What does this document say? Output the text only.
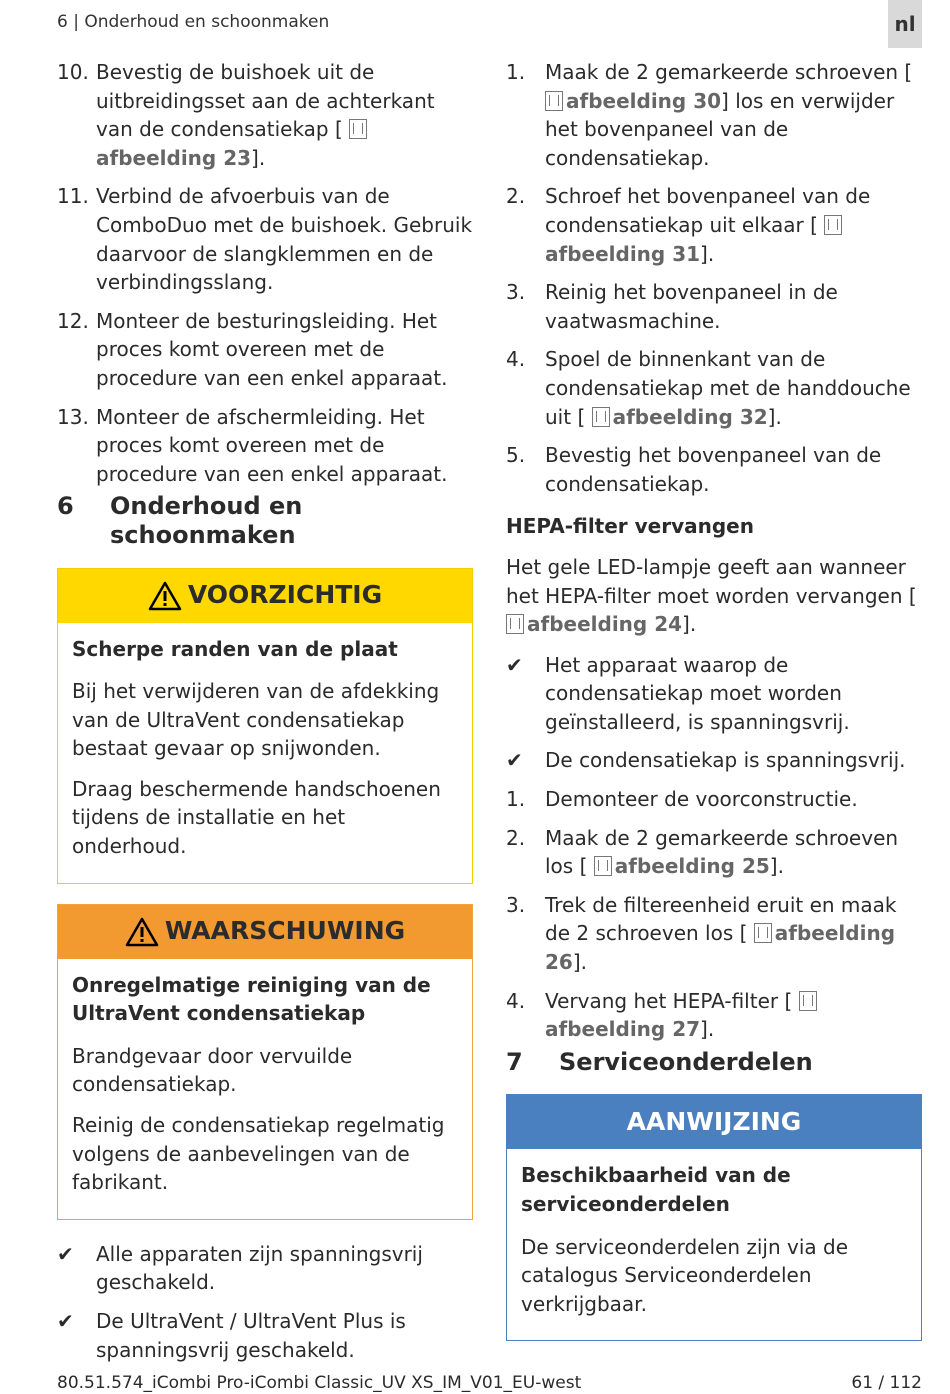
6 | Onderhoud en schoonmaken	nl
10. Bevestig de buishoek uit de uitbreidingsset aan de achterkant van de condensatiekap [ afbeelding 23].
11. Verbind de afvoerbuis van de ComboDuo met de buishoek. Gebruik daarvoor de slangklemmen en de verbindingsslang.
12. Monteer de besturingsleiding. Het proces komt overeen met de procedure van een enkel apparaat.
13. Monteer de afschermleiding. Het proces komt overeen met de procedure van een enkel apparaat.
6	Onderhoud en schoonmaken
VOORZICHTIG
Scherpe randen van de plaat
Bij het verwijderen van de afdekking van de UltraVent condensatiekap bestaat gevaar op snijwonden.
Draag beschermende handschoenen tijdens de installatie en het onderhoud.
WAARSCHUWING
Onregelmatige reiniging van de UltraVent condensatiekap
Brandgevaar door vervuilde condensatiekap.
Reinig de condensatiekap regelmatig volgens de aanbevelingen van de fabrikant.
✔	Alle apparaten zijn spanningsvrij geschakeld.
✔	De UltraVent / UltraVent Plus is spanningsvrij geschakeld.
1. Maak de 2 gemarkeerde schroeven [ afbeelding 30] los en verwijder het bovenpaneel van de condensatiekap.
2. Schroef het bovenpaneel van de condensatiekap uit elkaar [ afbeelding 31].
3. Reinig het bovenpaneel in de vaatwasmachine.
4. Spoel de binnenkant van de condensatiekap met de handdouche uit [ afbeelding 32].
5. Bevestig het bovenpaneel van de condensatiekap.
HEPA-filter vervangen
Het gele LED-lampje geeft aan wanneer het HEPA-filter moet worden vervangen [ afbeelding 24].
✔	Het apparaat waarop de condensatiekap moet worden geïnstalleerd, is spanningsvrij.
✔	De condensatiekap is spanningsvrij.
1. Demonteer de voorconstructie.
2. Maak de 2 gemarkeerde schroeven los [ afbeelding 25].
3. Trek de filtereenheid eruit en maak de 2 schroeven los [ afbeelding 26].
4. Vervang het HEPA-filter [ afbeelding 27].
7	Serviceonderdelen
AANWIJZING
Beschikbaarheid van de serviceonderdelen
De serviceonderdelen zijn via de catalogus Serviceonderdelen verkrijgbaar.
80.51.574_iCombi Pro-iCombi Classic_UV XS_IM_V01_EU-west	61 / 112
